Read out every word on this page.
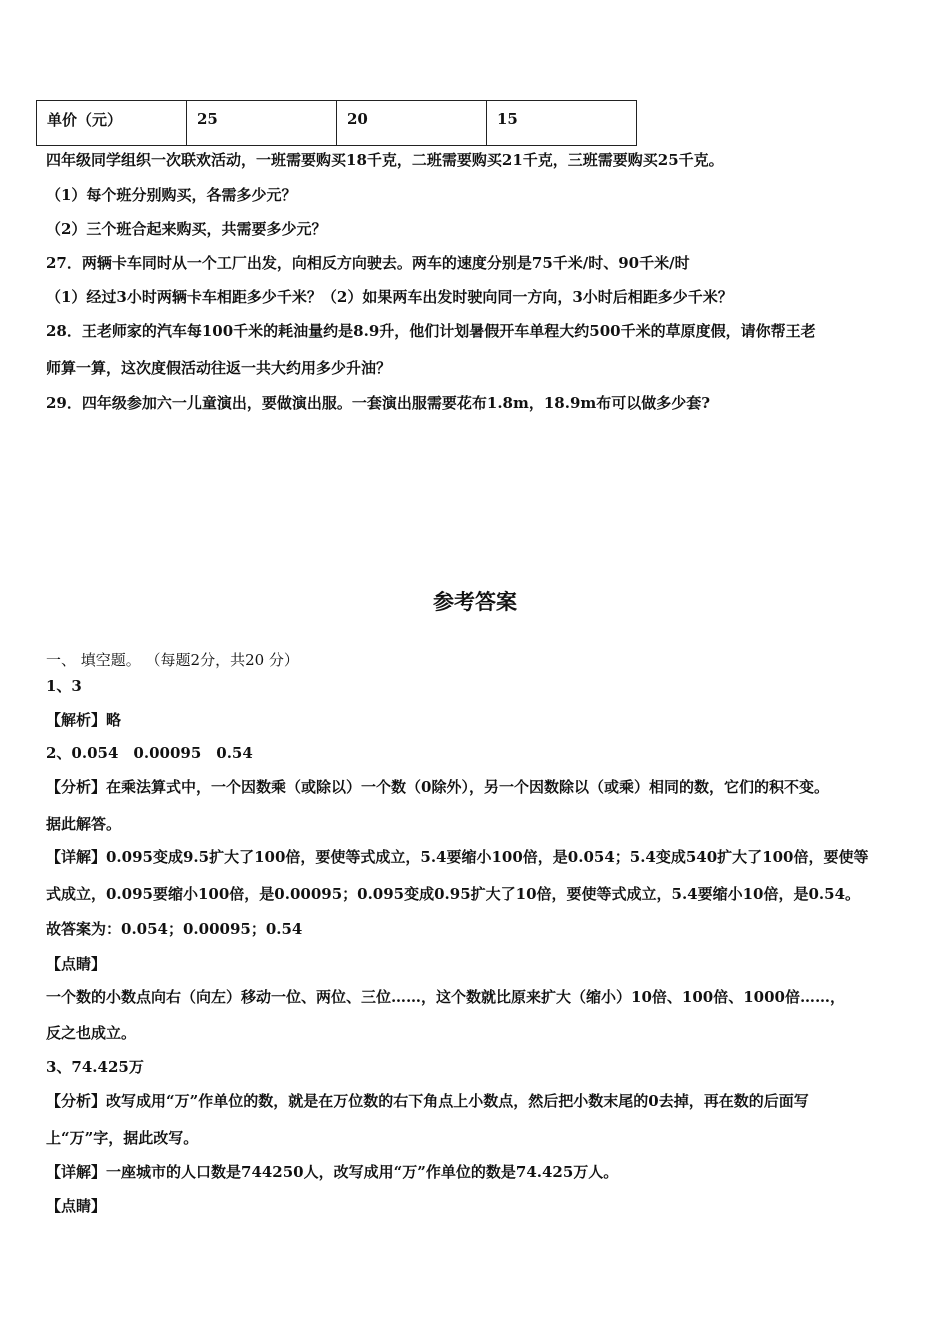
单价（元）	25	20	15
四年级同学组织一次联欢活动，一班需要购买18千克，二班需要购买21千克，三班需要购买25千克。
（1）每个班分别购买，各需多少元？
（2）三个班合起来购买，共需要多少元？
27．两辆卡车同时从一个工厂出发，向相反方向驶去。两车的速度分别是75千米/时、90千米/时
（1）经过3小时两辆卡车相距多少千米？（2）如果两车出发时驶向同一方向，3小时后相距多少千米？
28．王老师家的汽车每100千米的耗油量约是8.9升，他们计划暑假开车单程大约500千米的草原度假，请你帮王老
师算一算，这次度假活动往返一共大约用多少升油？
29．四年级参加六一儿童演出，要做演出服。一套演出服需要花布1.8m，18.9m布可以做多少套?
参考答案
一、 填空题。 （每题2分，共20 分）
1、3
【解析】略
2、0.054　0.00095　0.54
【分析】在乘法算式中，一个因数乘（或除以）一个数（0除外），另一个因数除以（或乘）相同的数，它们的积不变。
据此解答。
【详解】0.095变成9.5扩大了100倍，要使等式成立，5.4要缩小100倍，是0.054；5.4变成540扩大了100倍，要使等
式成立，0.095要缩小100倍，是0.00095；0.095变成0.95扩大了10倍，要使等式成立，5.4要缩小10倍，是0.54。
故答案为：0.054；0.00095；0.54
【点睛】
一个数的小数点向右（向左）移动一位、两位、三位……，这个数就比原来扩大（缩小）10倍、100倍、1000倍……，
反之也成立。
3、74.425万
【分析】改写成用“万”作单位的数，就是在万位数的右下角点上小数点，然后把小数末尾的0去掉，再在数的后面写
上“万”字，据此改写。
【详解】一座城市的人口数是744250人，改写成用“万”作单位的数是74.425万人。
【点睛】
